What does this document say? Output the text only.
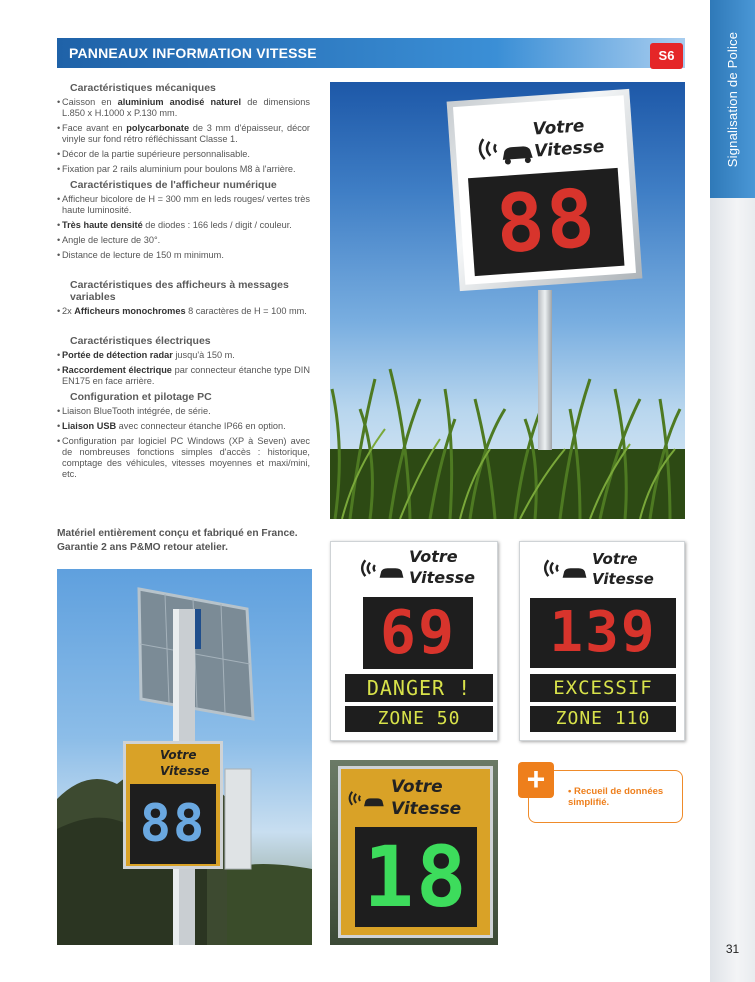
Signalisation de Police
31
PANNEAUX INFORMATION VITESSE	S6
Caractéristiques mécaniques
• Caisson en aluminium anodisé naturel de dimensions L.850 x H.1000 x P.130 mm.
• Face avant en polycarbonate de 3 mm d'épaisseur, décor vinyle sur fond rétro réfléchissant Classe 1.
• Décor de la partie supérieure personnalisable.
• Fixation par 2 rails aluminium pour boulons M8 à l'arrière.
Caractéristiques de l'afficheur numérique
• Afficheur bicolore de H = 300 mm en leds rouges/ vertes très haute luminosité.
• Très haute densité de diodes : 166 leds / digit / couleur.
• Angle de lecture de 30°.
• Distance de lecture de 150 m minimum.
Caractéristiques des afficheurs à messages variables
• 2x Afficheurs monochromes 8 caractères de H = 100 mm.
Caractéristiques électriques
• Portée de détection radar jusqu'à 150 m.
• Raccordement électrique par connecteur étanche type DIN EN175 en face arrière.
Configuration et pilotage PC
• Liaison BlueTooth intégrée, de série.
• Liaison USB avec connecteur étanche IP66 en option.
• Configuration par logiciel PC Windows (XP à Seven) avec de nombreuses fonctions simples d'accès : historique, comptage des véhicules, vitesses moyennes et maxi/mini, etc.
Matériel entièrement conçu et fabriqué en France.
Garantie 2 ans P&MO retour atelier.
Votre
Vitesse
88
Votre
Vitesse
69
DANGER !
ZONE 50
Votre
Vitesse
139
EXCESSIF
ZONE 110
Votre
Vitesse
88
Votre
Vitesse
18
+	• Recueil de données simplifié.
